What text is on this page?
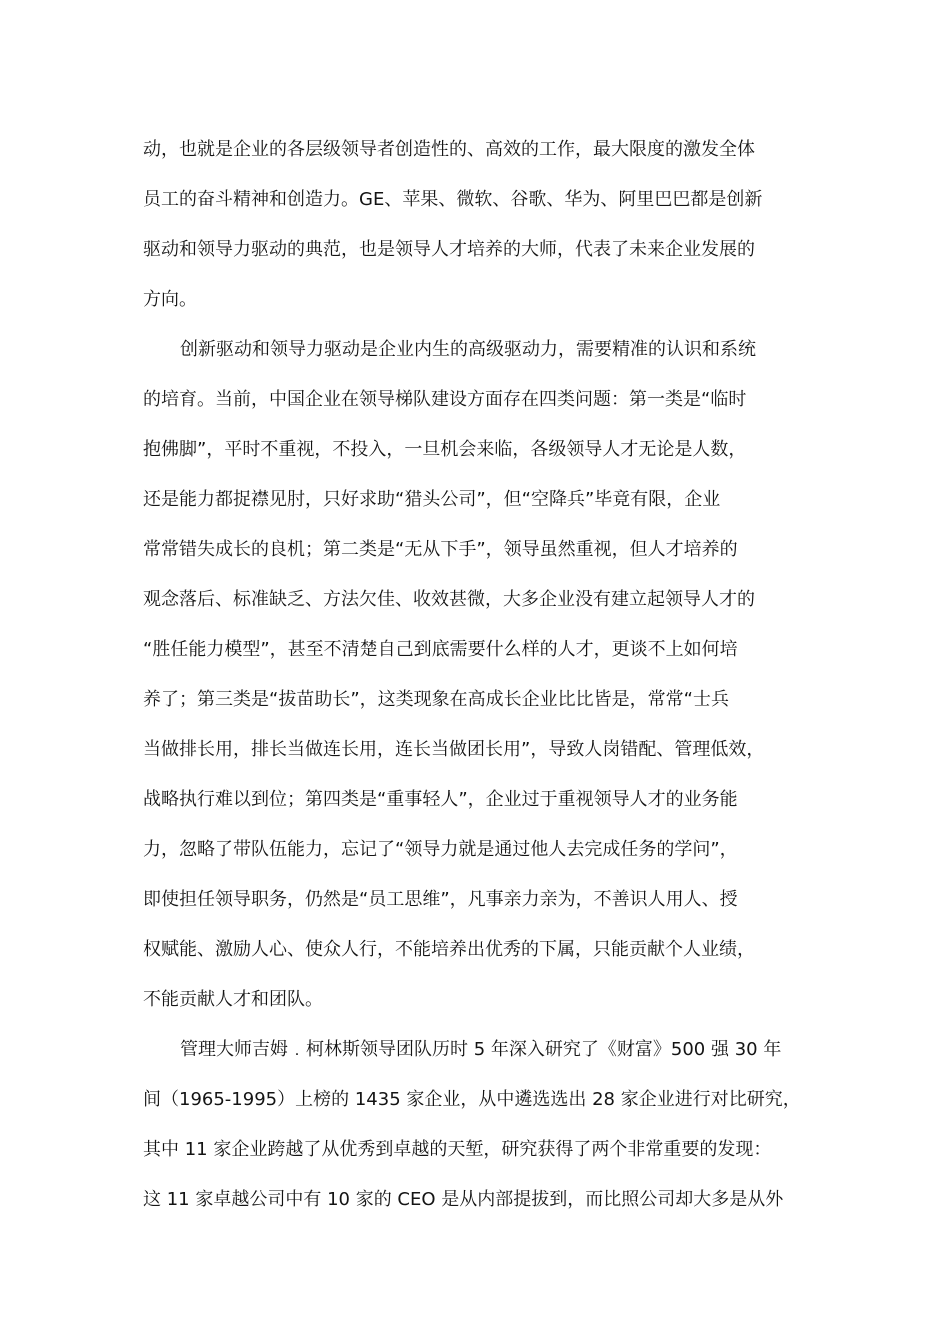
动，也就是企业的各层级领导者创造性的、高效的工作，最大限度的激发全体
员工的奋斗精神和创造力。GE、苹果、微软、谷歌、华为、阿里巴巴都是创新
驱动和领导力驱动的典范，也是领导人才培养的大师，代表了未来企业发展的
方向。
创新驱动和领导力驱动是企业内生的高级驱动力，需要精准的认识和系统
的培育。当前，中国企业在领导梯队建设方面存在四类问题：第一类是“临时
抱佛脚”，平时不重视，不投入，一旦机会来临，各级领导人才无论是人数，
还是能力都捉襟见肘，只好求助“猎头公司”，但“空降兵”毕竟有限，企业
常常错失成长的良机；第二类是“无从下手”，领导虽然重视，但人才培养的
观念落后、标准缺乏、方法欠佳、收效甚微，大多企业没有建立起领导人才的
“胜任能力模型”，甚至不清楚自己到底需要什么样的人才，更谈不上如何培
养了；第三类是“拔苗助长”，这类现象在高成长企业比比皆是，常常“士兵
当做排长用，排长当做连长用，连长当做团长用”，导致人岗错配、管理低效，
战略执行难以到位；第四类是“重事轻人”，企业过于重视领导人才的业务能
力，忽略了带队伍能力，忘记了“领导力就是通过他人去完成任务的学问”，
即使担任领导职务，仍然是“员工思维”，凡事亲力亲为，不善识人用人、授
权赋能、激励人心、使众人行，不能培养出优秀的下属，只能贡献个人业绩，
不能贡献人才和团队。
管理大师吉姆﹒柯林斯领导团队历时 5 年深入研究了《财富》500 强 30 年
间（1965-1995）上榜的 1435 家企业，从中遴选选出 28 家企业进行对比研究，
其中 11 家企业跨越了从优秀到卓越的天堑，研究获得了两个非常重要的发现：
这 11 家卓越公司中有 10 家的 CEO 是从内部提拔到，而比照公司却大多是从外
